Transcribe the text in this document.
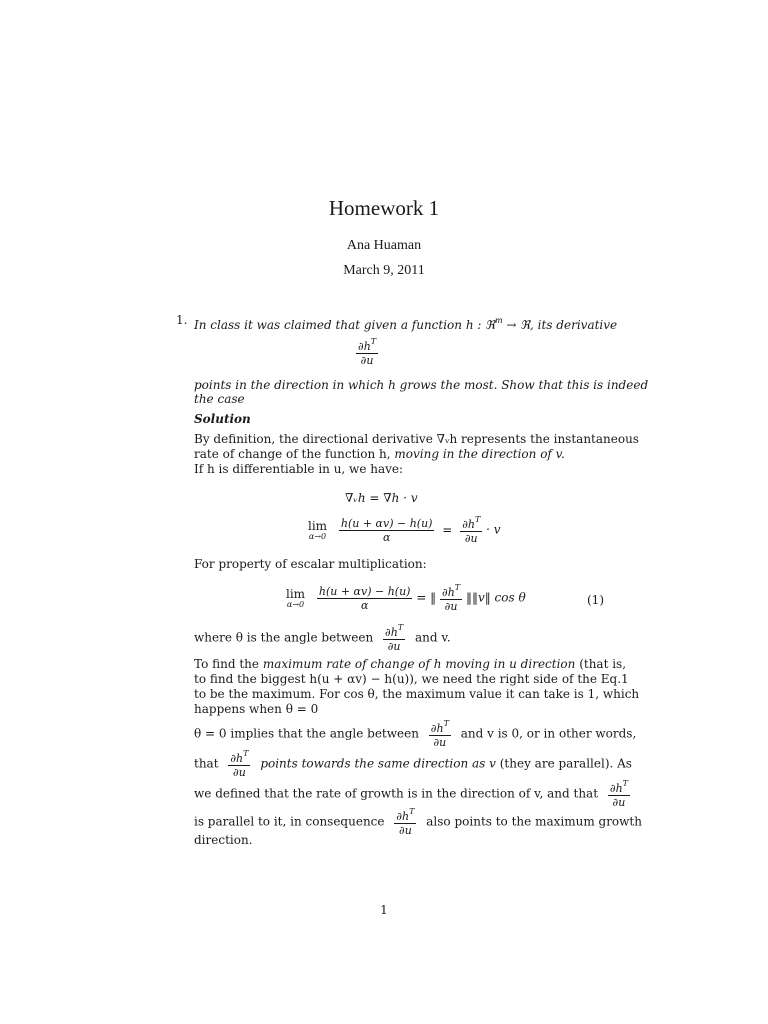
Homework 1
Ana Huaman
March 9, 2011
1. In class it was claimed that given a function h : ℜ$^m$ → ℜ, its derivative
$\frac{\partial h^T}{\partial u}$
points in the direction in which h grows the most. Show that this is indeed
the case
Solution
By definition, the directional derivative ∇ᵥh represents the instantaneous
rate of change of the function h, moving in the direction of v.
If h is differentiable in u, we have:
∇ᵥh = ∇h · v
lim
α→0
$\frac{h(u + \alpha v) - h(u)}{\alpha} = \frac{\partial h^T}{\partial u} \cdot v$
For property of escalar multiplication:
lim
α→0
$\frac{h(u + \alpha v) - h(u)}{\alpha}$ = ‖ $\frac{\partial h^T}{\partial u}$ ‖‖v‖ cos θ	(1)
where θ is the angle between $\frac{\partial h^T}{\partial u}$ and v.
To find the maximum rate of change of h moving in u direction (that is,
to find the biggest h(u + αv) − h(u)), we need the right side of the Eq.1
to be the maximum. For cos θ, the maximum value it can take is 1, which
happens when θ = 0
θ = 0 implies that the angle between $\frac{\partial h^T}{\partial u}$ and v is 0, or in other words,
that $\frac{\partial h^T}{\partial u}$ points towards the same direction as v (they are parallel). As
we defined that the rate of growth is in the direction of v, and that $\frac{\partial h^T}{\partial u}$
is parallel to it, in consequence $\frac{\partial h^T}{\partial u}$ also points to the maximum growth
direction.
1
